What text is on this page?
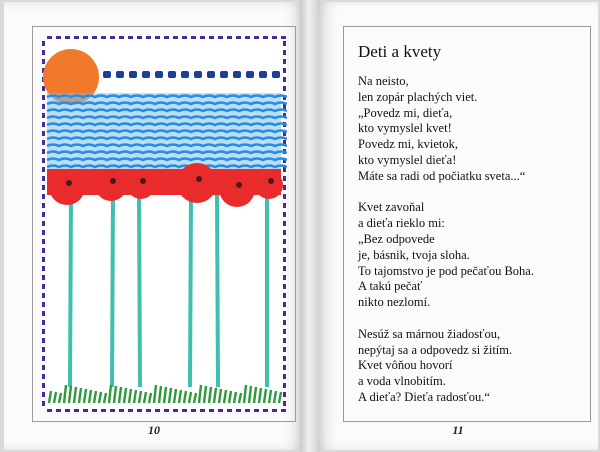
10
Deti a kvety
Na neisto,
len zopár plachých viet.
„Povedz mi, dieťa,
kto vymyslel kvet!
Povedz mi, kvietok,
kto vymyslel dieťa!
Máte sa radi od počiatku sveta...“
Kvet zavoňal
a dieťa rieklo mi:
„Bez odpovede
je, básnik, tvoja sloha.
To tajomstvo je pod pečaťou Boha.
A takú pečať
nikto nezlomí.
Nesúž sa márnou žiadosťou,
nepýtaj sa a odpovedz si žitím.
Kvet vôňou hovorí
a voda vlnobitím.
A dieťa? Dieťa radosťou.“
11
